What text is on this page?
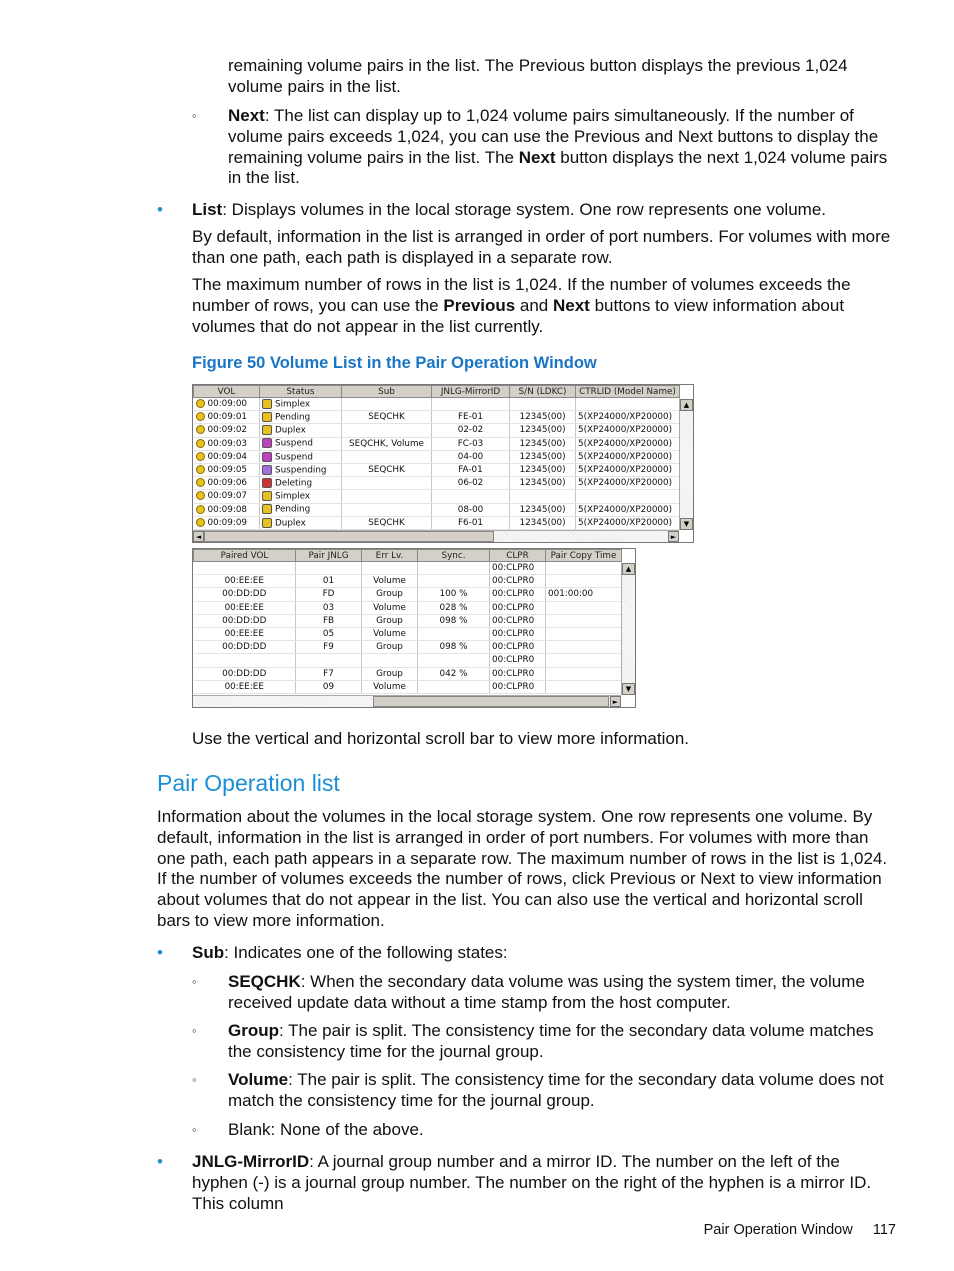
remaining volume pairs in the list. The Previous button displays the previous 1,024 volume pairs in the list.

◦ Next: The list can display up to 1,024 volume pairs simultaneously. If the number of volume pairs exceeds 1,024, you can use the Previous and Next buttons to display the remaining volume pairs in the list. The Next button displays the next 1,024 volume pairs in the list.

• List: Displays volumes in the local storage system. One row represents one volume.

By default, information in the list is arranged in order of port numbers. For volumes with more than one path, each path is displayed in a separate row.

The maximum number of rows in the list is 1,024. If the number of volumes exceeds the number of rows, you can use the Previous and Next buttons to view information about volumes that do not appear in the list currently.

Figure 50 Volume List in the Pair Operation Window
VOL	Status	Sub	JNLG-MirrorID	S/N (LDKC)	CTRLID (Model Name)
00:09:00	Simplex				
00:09:01	Pending	SEQCHK	FE-01	12345(00)	5(XP24000/XP20000)
00:09:02	Duplex		02-02	12345(00)	5(XP24000/XP20000)
00:09:03	Suspend	SEQCHK, Volume	FC-03	12345(00)	5(XP24000/XP20000)
00:09:04	Suspend		04-00	12345(00)	5(XP24000/XP20000)
00:09:05	Suspending	SEQCHK	FA-01	12345(00)	5(XP24000/XP20000)
00:09:06	Deleting		06-02	12345(00)	5(XP24000/XP20000)
00:09:07	Simplex				
00:09:08	Pending		08-00	12345(00)	5(XP24000/XP20000)
00:09:09	Duplex	SEQCHK	F6-01	12345(00)	5(XP24000/XP20000)
▲
▼
◄	►
Paired VOL	Pair JNLG	Err Lv.	Sync.	CLPR	Pair Copy Time
				00:CLPR0	
00:EE:EE	01	Volume		00:CLPR0	
00:DD:DD	FD	Group	100 %	00:CLPR0	001:00:00
00:EE:EE	03	Volume	028 %	00:CLPR0	
00:DD:DD	FB	Group	098 %	00:CLPR0	
00:EE:EE	05	Volume		00:CLPR0	
00:DD:DD	F9	Group	098 %	00:CLPR0	
				00:CLPR0	
00:DD:DD	F7	Group	042 %	00:CLPR0	
00:EE:EE	09	Volume		00:CLPR0	
▲
▼
►

Use the vertical and horizontal scroll bar to view more information.

Pair Operation list

Information about the volumes in the local storage system. One row represents one volume. By default, information in the list is arranged in order of port numbers. For volumes with more than one path, each path appears in a separate row. The maximum number of rows in the list is 1,024. If the number of volumes exceeds the number of rows, click Previous or Next to view information about volumes that do not appear in the list. You can also use the vertical and horizontal scroll bars to view more information.

• Sub: Indicates one of the following states:

◦ SEQCHK: When the secondary data volume was using the system timer, the volume received update data without a time stamp from the host computer.

◦ Group: The pair is split. The consistency time for the secondary data volume matches the consistency time for the journal group.

◦ Volume: The pair is split. The consistency time for the secondary data volume does not match the consistency time for the journal group.

◦ Blank: None of the above.

• JNLG-MirrorID: A journal group number and a mirror ID. The number on the left of the hyphen (-) is a journal group number. The number on the right of the hyphen is a mirror ID. This column

Pair Operation Window 117
